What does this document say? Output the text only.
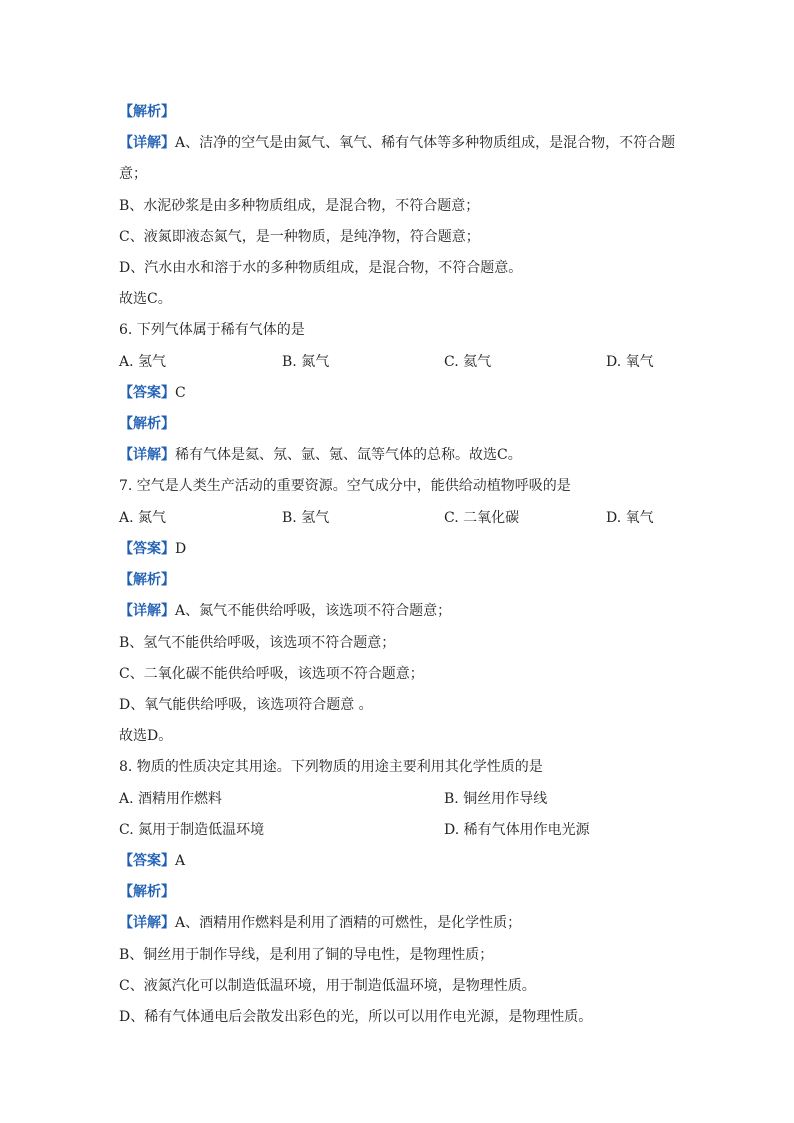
【解析】
【详解】A、洁净的空气是由氮气、氧气、稀有气体等多种物质组成，是混合物，不符合题
意；
B、水泥砂浆是由多种物质组成，是混合物，不符合题意；
C、液氮即液态氮气，是一种物质，是纯净物，符合题意；
D、汽水由水和溶于水的多种物质组成，是混合物，不符合题意。
故选C。
6. 下列气体属于稀有气体的是
A. 氢气	B. 氮气	C. 氦气	D. 氧气
【答案】C
【解析】
【详解】稀有气体是氦、氖、氩、氪、氙等气体的总称。故选C。
7. 空气是人类生产活动的重要资源。空气成分中，能供给动植物呼吸的是
A. 氮气	B. 氢气	C. 二氧化碳	D. 氧气
【答案】D
【解析】
【详解】A、氮气不能供给呼吸，该选项不符合题意；
B、氢气不能供给呼吸，该选项不符合题意；
C、二氧化碳不能供给呼吸，该选项不符合题意；
D、氧气能供给呼吸，该选项符合题意 。
故选D。
8. 物质的性质决定其用途。下列物质的用途主要利用其化学性质的是
A. 酒精用作燃料	B. 铜丝用作导线
C. 氮用于制造低温环境	D. 稀有气体用作电光源
【答案】A
【解析】
【详解】A、酒精用作燃料是利用了酒精的可燃性，是化学性质；
B、铜丝用于制作导线，是利用了铜的导电性，是物理性质；
C、液氮汽化可以制造低温环境，用于制造低温环境，是物理性质。
D、稀有气体通电后会散发出彩色的光，所以可以用作电光源，是物理性质。
